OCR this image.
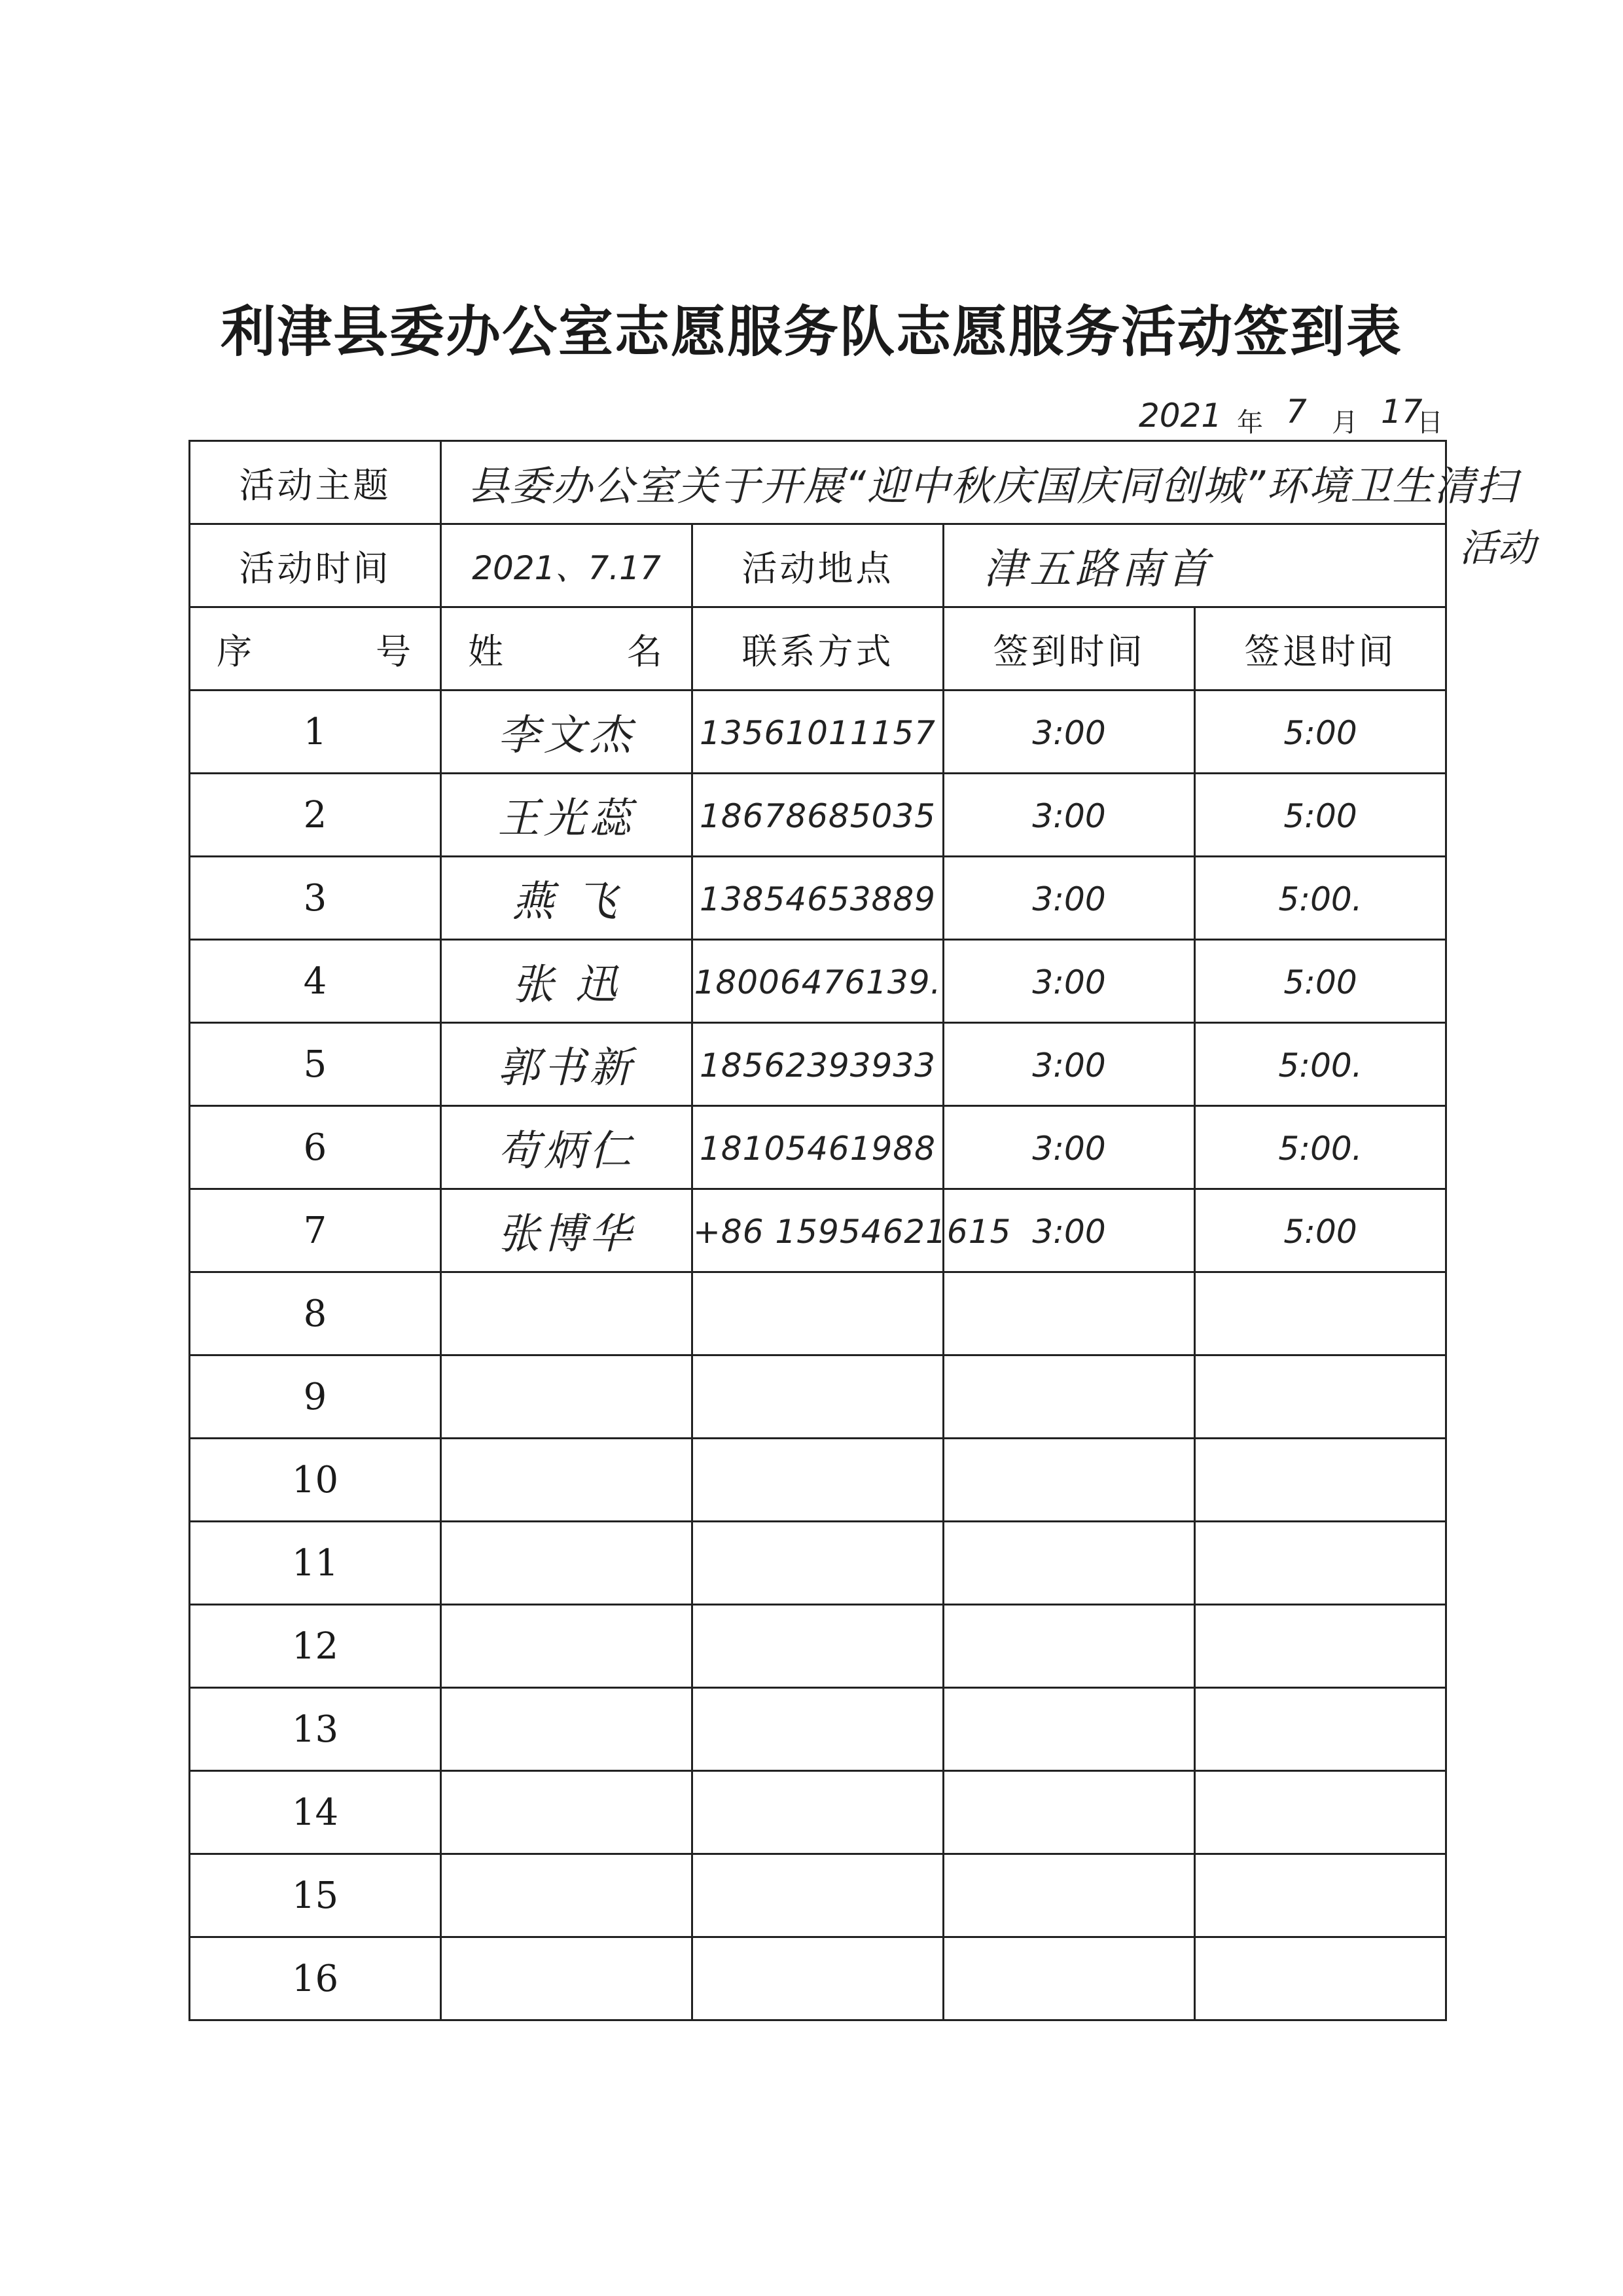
利津县委办公室志愿服务队志愿服务活动签到表
2021 年 7 月 17
日
活动主题	县委办公室关于开展“迎中秋庆国庆同创城”环境卫生清扫			
活动时间	2021、7.17	活动地点	津五路南首	

序 号	姓 名	联系方式	签到时间	签退时间
1	李文杰	13561011157	3:00	5:00
2	王光蕊	18678685035	3:00	5:00
3	燕 飞	13854653889	3:00	5:00.
4	张 迅	18006476139.	3:00	5:00
5	郭书新	18562393933	3:00	5:00.
6	苟炳仁	18105461988	3:00	5:00.
7	张博华	+86 15954621615	3:00	5:00
8				
9				
10				
11				
12				
13				
14				
15				
16				
活动
